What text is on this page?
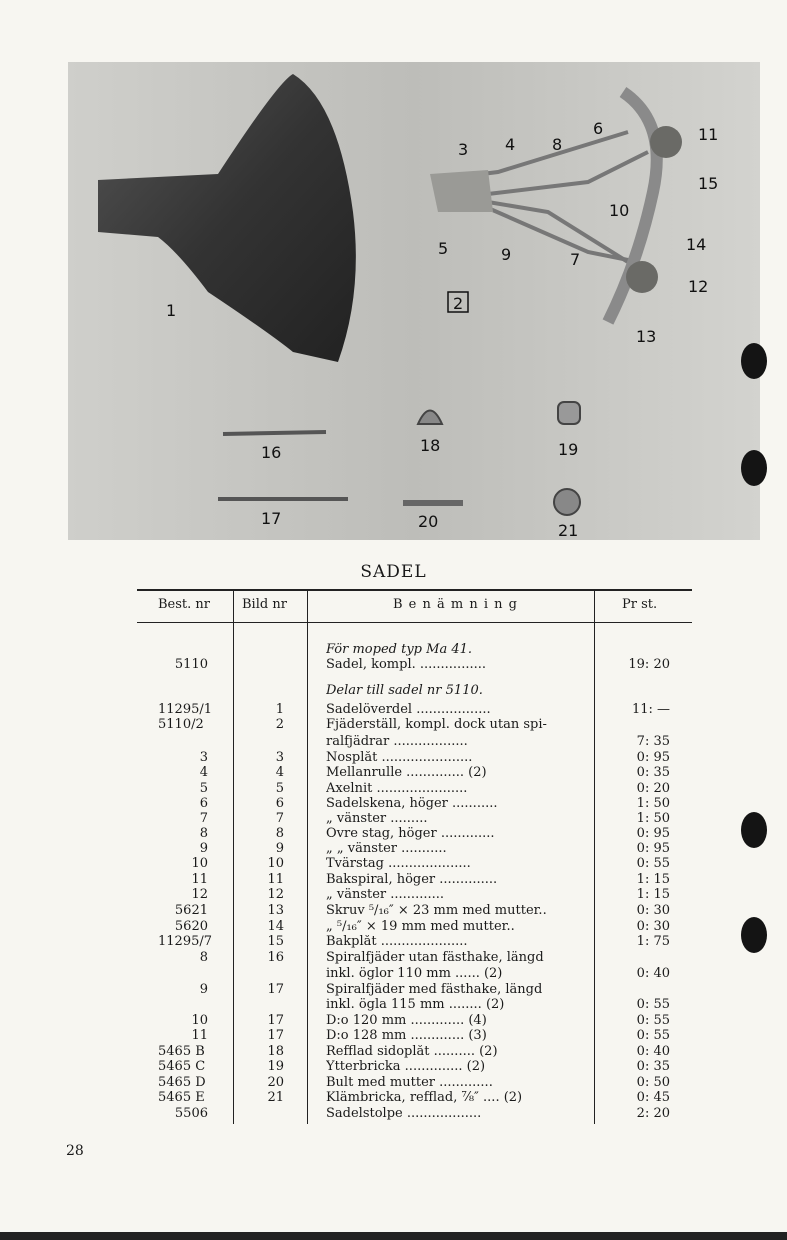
1	2
3 4
5
6
7
8
9
10
11
12
13
14
15
16
17
18	19
20	21
SADEL
Best. nr Bild nr	B e n ä m n i n g	Pr st.
För moped typ Ma 41.
5110	Sadel, kompl. ................	19: 20
Delar till sadel nr 5110.
11295/1	1	Sadelöverdel ..................	11: —
5110/2	2	Fjäderställ, kompl. dock utan spi-
ralfjädrar ..................	7: 35
3	3	Nosplåt ......................	0: 95
4	4	Mellanrulle .............. (2)	0: 35
5	5	Axelnit ......................	0: 20
6	6	Sadelskena, höger ...........	1: 50
7	7	„ vänster .........	1: 50
8	8	Övre stag, höger .............	0: 95
9	9	„ „ vänster ...........	0: 95
10	10	Tvärstag ....................	0: 55
11	11	Bakspiral, höger ..............	1: 15
12	12	„ vänster .............	1: 15
5621	13	Skruv ⁵/₁₆″ × 23 mm med mutter..	0: 30
5620	14	„ ⁵/₁₆″ × 19 mm med mutter..	0: 30
11295/7	15	Bakplåt .....................	1: 75
8	16	Spiralfjäder utan fästhake, längd
inkl. öglor 110 mm ...... (2)	0: 40
9	17	Spiralfjäder med fästhake, längd
inkl. ögla 115 mm ........ (2)	0: 55
10	17	D:o 120 mm ............. (4)	0: 55
11	17	D:o 128 mm ............. (3)	0: 55
5465 B	18	Refflad sidoplåt .......... (2)	0: 40
5465 C	19	Ytterbricka .............. (2)	0: 35
5465 D	20	Bult med mutter .............	0: 50
5465 E	21	Klämbricka, refflad, ⅞″ .... (2)	0: 45
5506	Sadelstolpe ..................	2: 20
28
